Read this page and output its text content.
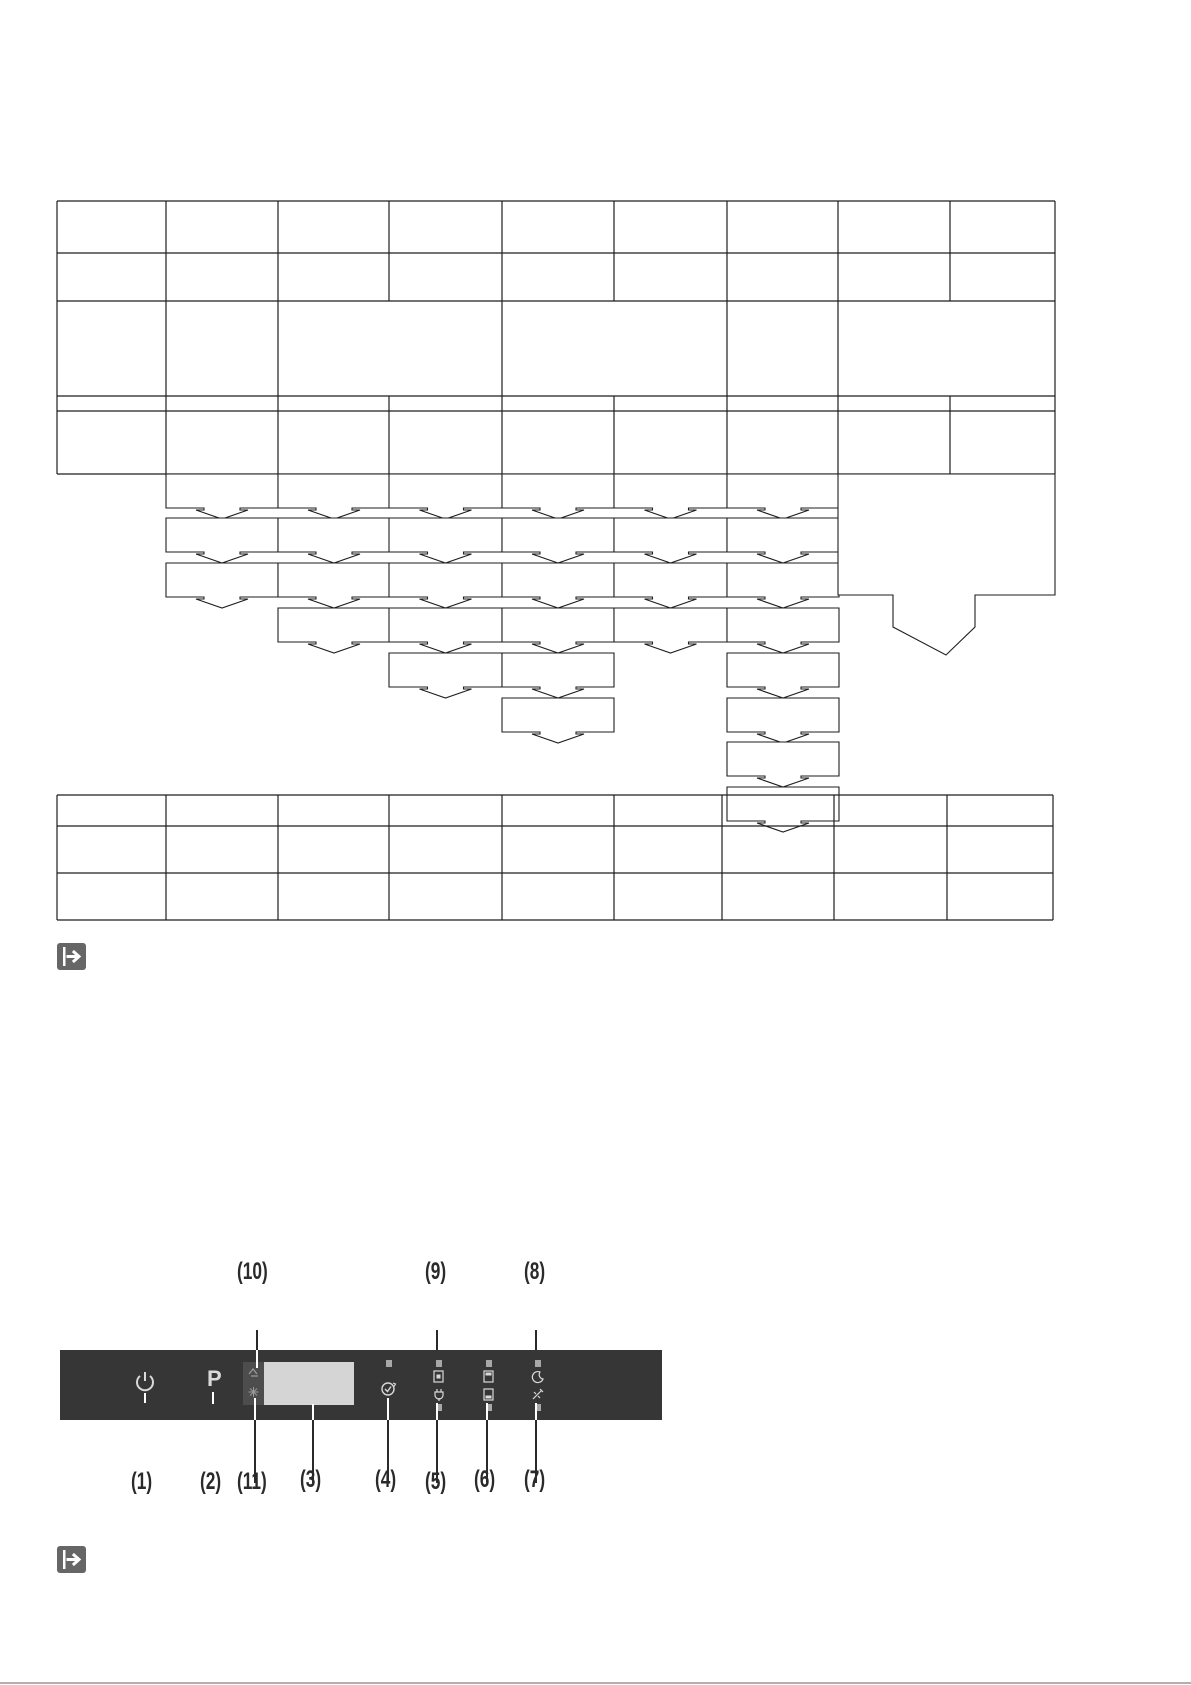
P
(1) (2)	(3) (4) (5) (6) (7)
(8)
(9)
(10)
(11)
